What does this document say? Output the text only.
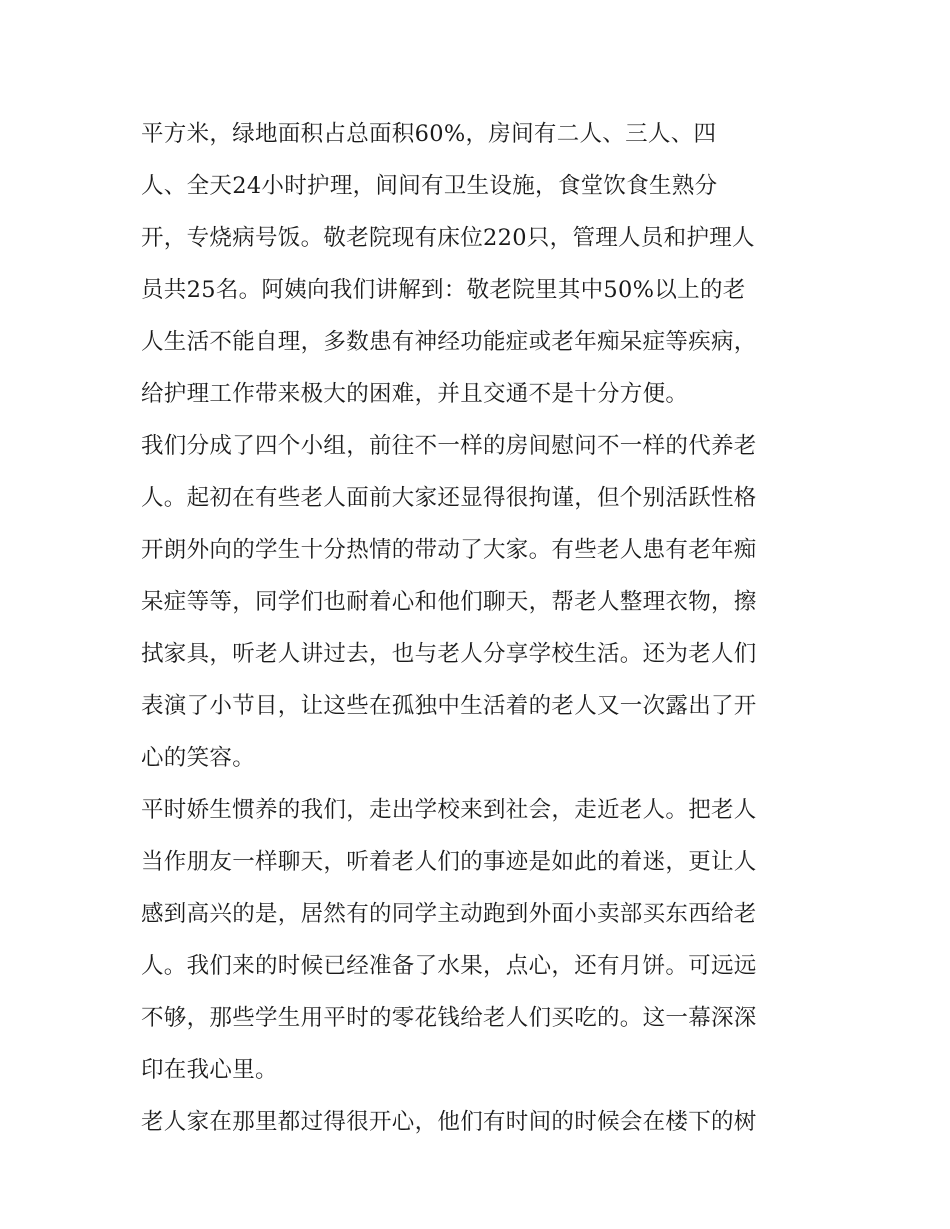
平方米，绿地面积占总面积60%，房间有二人、三人、四
人、全天24小时护理，间间有卫生设施，食堂饮食生熟分
开，专烧病号饭。敬老院现有床位220只，管理人员和护理人
员共25名。阿姨向我们讲解到：敬老院里其中50%以上的老
人生活不能自理，多数患有神经功能症或老年痴呆症等疾病，
给护理工作带来极大的困难，并且交通不是十分方便。
我们分成了四个小组，前往不一样的房间慰问不一样的代养老
人。起初在有些老人面前大家还显得很拘谨，但个别活跃性格
开朗外向的学生十分热情的带动了大家。有些老人患有老年痴
呆症等等，同学们也耐着心和他们聊天，帮老人整理衣物，擦
拭家具，听老人讲过去，也与老人分享学校生活。还为老人们
表演了小节目，让这些在孤独中生活着的老人又一次露出了开
心的笑容。
平时娇生惯养的我们，走出学校来到社会，走近老人。把老人
当作朋友一样聊天，听着老人们的事迹是如此的着迷，更让人
感到高兴的是，居然有的同学主动跑到外面小卖部买东西给老
人。我们来的时候已经准备了水果，点心，还有月饼。可远远
不够，那些学生用平时的零花钱给老人们买吃的。这一幕深深
印在我心里。
老人家在那里都过得很开心，他们有时间的时候会在楼下的树
